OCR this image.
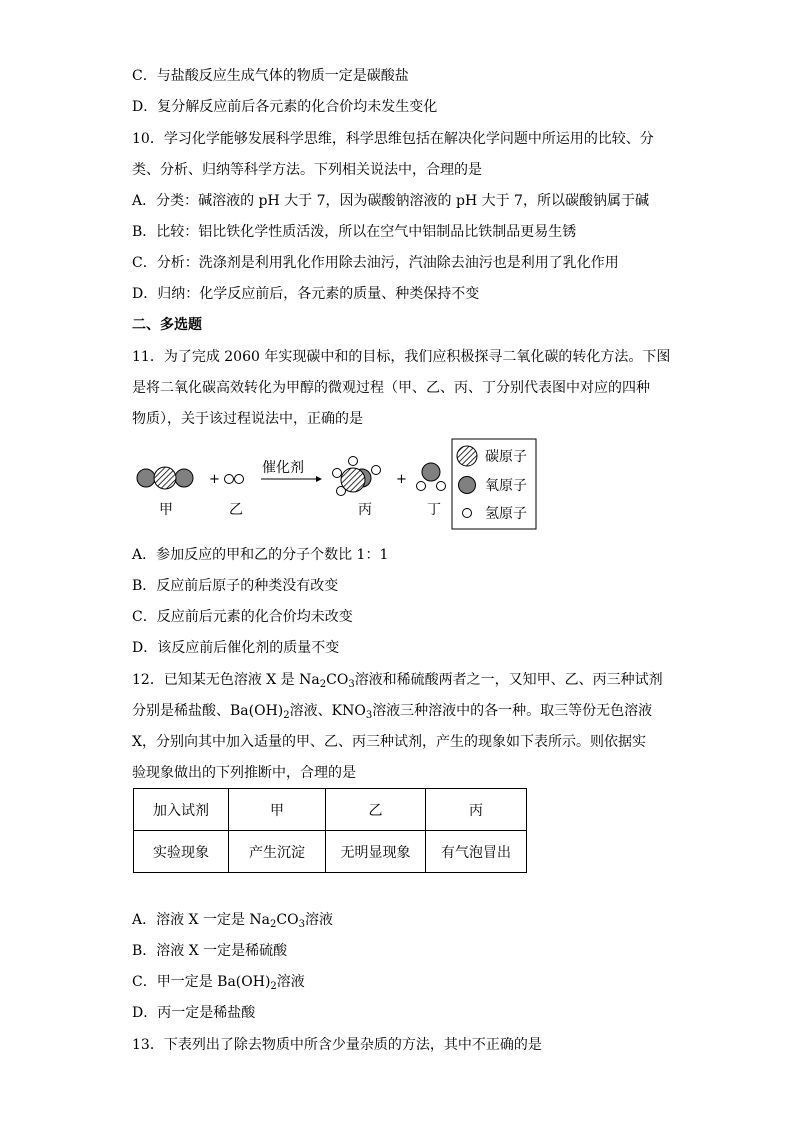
C．与盐酸反应生成气体的物质一定是碳酸盐
D．复分解反应前后各元素的化合价均未发生变化
10．学习化学能够发展科学思维，科学思维包括在解决化学问题中所运用的比较、分
类、分析、归纳等科学方法。下列相关说法中，合理的是
A．分类：碱溶液的 pH 大于 7，因为碳酸钠溶液的 pH 大于 7，所以碳酸钠属于碱
B．比较：铝比铁化学性质活泼，所以在空气中铝制品比铁制品更易生锈
C．分析：洗涤剂是利用乳化作用除去油污，汽油除去油污也是利用了乳化作用
D．归纳：化学反应前后，各元素的质量、种类保持不变
二、多选题
11．为了完成 2060 年实现碳中和的目标，我们应积极探寻二氧化碳的转化方法。下图
是将二氧化碳高效转化为甲醇的微观过程（甲、乙、丙、丁分别代表图中对应的四种
物质），关于该过程说法中，正确的是
+
催化剂
+
甲	乙	丙	丁
碳原子
氧原子
氢原子
A．参加反应的甲和乙的分子个数比 1：1
B．反应前后原子的种类没有改变
C．反应前后元素的化合价均未改变
D．该反应前后催化剂的质量不变
12．已知某无色溶液 X 是 $Na_2CO_3$溶液和稀硫酸两者之一，又知甲、乙、丙三种试剂
分别是稀盐酸、$Ba(OH)_2$溶液、$KNO_3$溶液三种溶液中的各一种。取三等份无色溶液
X，分别向其中加入适量的甲、乙、丙三种试剂，产生的现象如下表所示。则依据实
验现象做出的下列推断中，合理的是
加入试剂	甲	乙	丙
实验现象	产生沉淀	无明显现象	有气泡冒出
A．溶液 X 一定是 $Na_2CO_3$溶液
B．溶液 X 一定是稀硫酸
C．甲一定是 $Ba(OH)_2$溶液
D．丙一定是稀盐酸
13．下表列出了除去物质中所含少量杂质的方法，其中不正确的是
